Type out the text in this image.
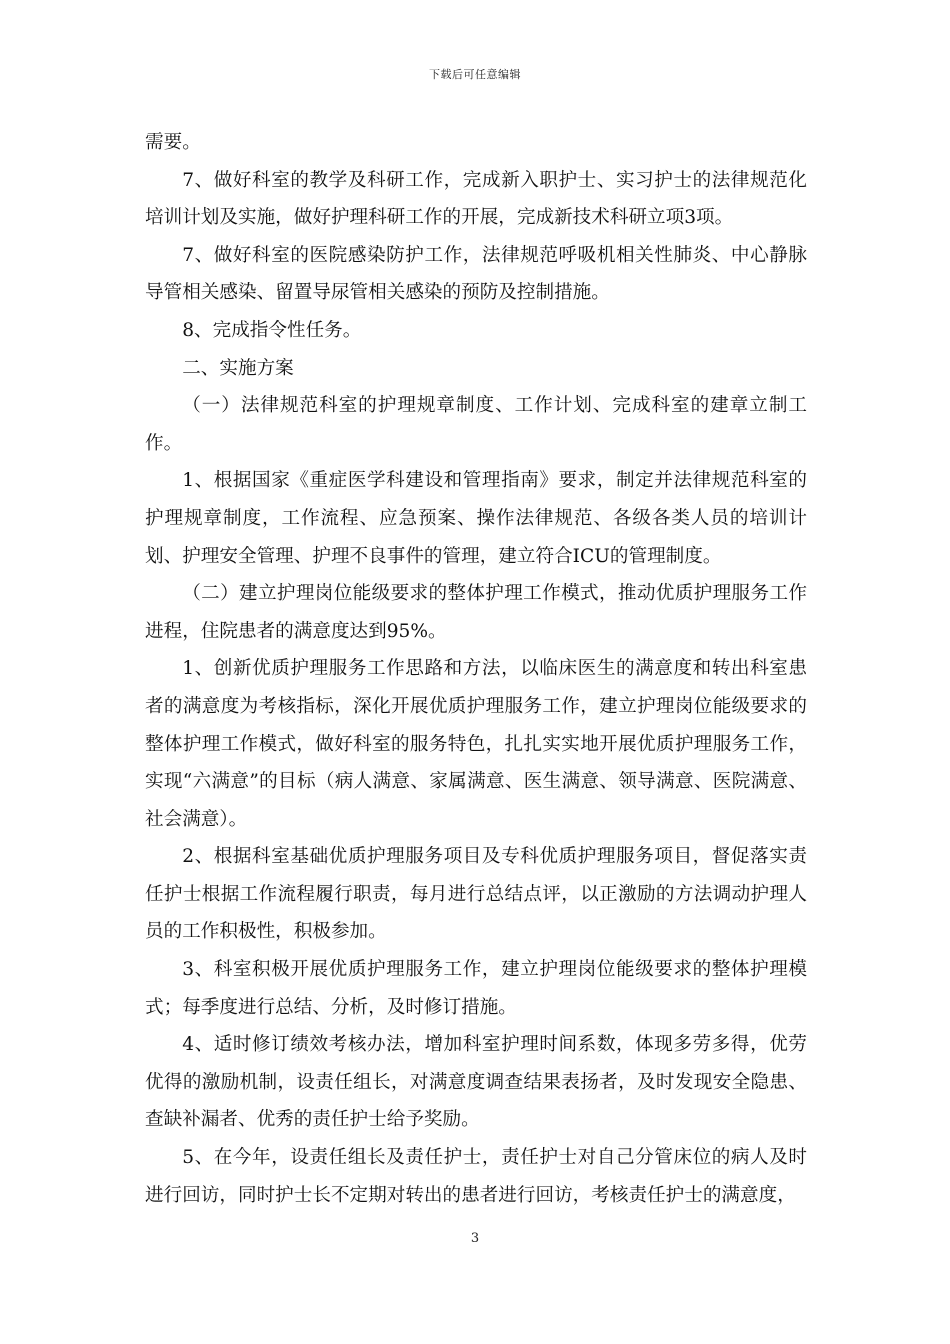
下载后可任意编辑

需要。

7、做好科室的教学及科研工作，完成新入职护士、实习护士的法律规范化培训计划及实施，做好护理科研工作的开展，完成新技术科研立项3项。

7、做好科室的医院感染防护工作，法律规范呼吸机相关性肺炎、中心静脉导管相关感染、留置导尿管相关感染的预防及控制措施。

8、完成指令性任务。

二、实施方案

（一）法律规范科室的护理规章制度、工作计划、完成科室的建章立制工作。

1、根据国家《重症医学科建设和管理指南》要求，制定并法律规范科室的护理规章制度，工作流程、应急预案、操作法律规范、各级各类人员的培训计划、护理安全管理、护理不良事件的管理，建立符合ICU的管理制度。

（二）建立护理岗位能级要求的整体护理工作模式，推动优质护理服务工作进程，住院患者的满意度达到95%。

1、创新优质护理服务工作思路和方法，以临床医生的满意度和转出科室患者的满意度为考核指标，深化开展优质护理服务工作，建立护理岗位能级要求的整体护理工作模式，做好科室的服务特色，扎扎实实地开展优质护理服务工作，实现“六满意”的目标（病人满意、家属满意、医生满意、领导满意、医院满意、社会满意）。

2、根据科室基础优质护理服务项目及专科优质护理服务项目，督促落实责任护士根据工作流程履行职责，每月进行总结点评，以正激励的方法调动护理人员的工作积极性，积极参加。

3、科室积极开展优质护理服务工作，建立护理岗位能级要求的整体护理模式；每季度进行总结、分析，及时修订措施。

4、适时修订绩效考核办法，增加科室护理时间系数，体现多劳多得，优劳优得的激励机制，设责任组长，对满意度调查结果表扬者，及时发现安全隐患、查缺补漏者、优秀的责任护士给予奖励。

5、在今年，设责任组长及责任护士，责任护士对自己分管床位的病人及时进行回访，同时护士长不定期对转出的患者进行回访，考核责任护士的满意度，

3
